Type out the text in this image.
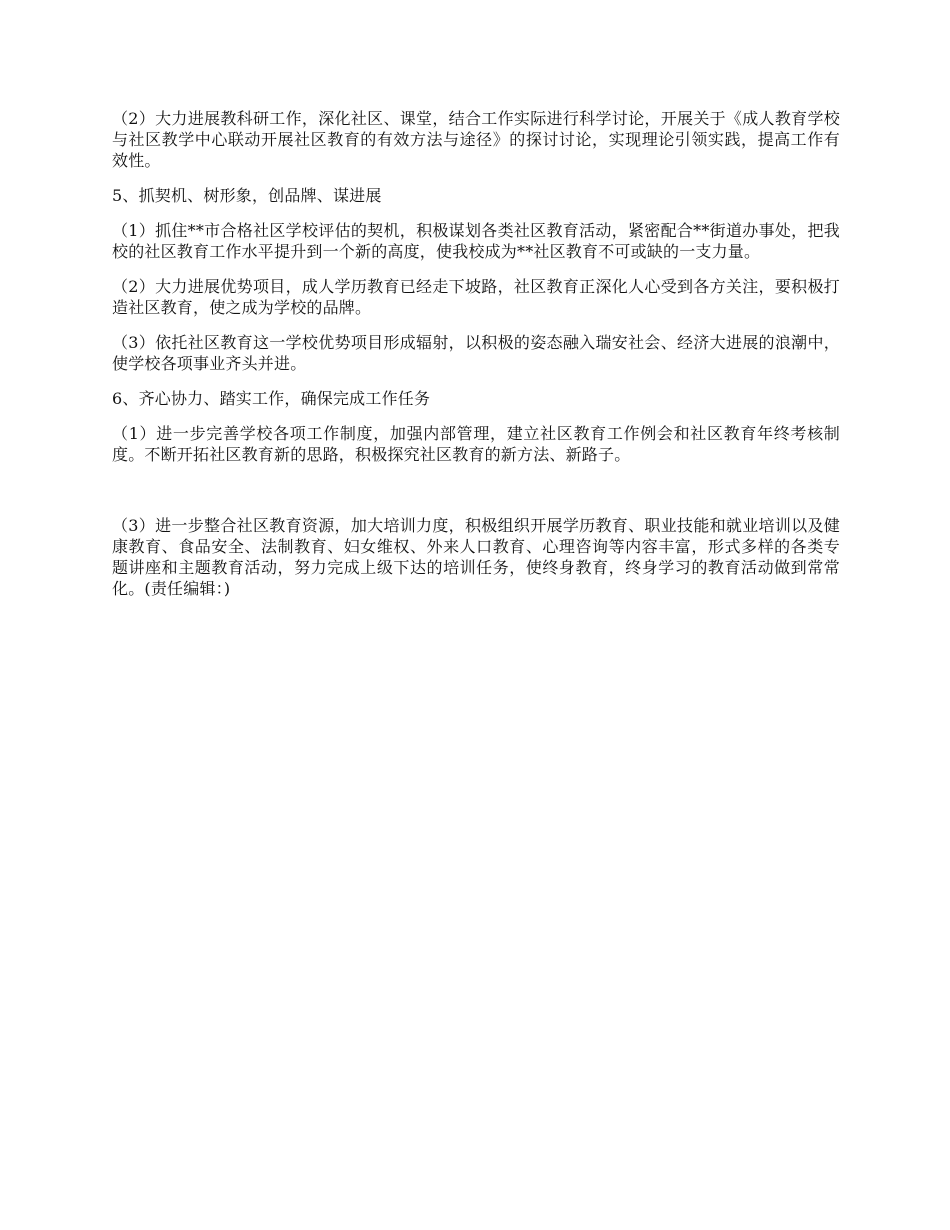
（2）大力进展教科研工作，深化社区、课堂，结合工作实际进行科学讨论，开展关于《成人教育学校与社区教学中心联动开展社区教育的有效方法与途径》的探讨讨论，实现理论引领实践，提高工作有效性。

5、抓契机、树形象，创品牌、谋进展

（1）抓住**市合格社区学校评估的契机，积极谋划各类社区教育活动，紧密配合**街道办事处，把我校的社区教育工作水平提升到一个新的高度，使我校成为**社区教育不可或缺的一支力量。

（2）大力进展优势项目，成人学历教育已经走下坡路，社区教育正深化人心受到各方关注，要积极打造社区教育，使之成为学校的品牌。

（3）依托社区教育这一学校优势项目形成辐射，以积极的姿态融入瑞安社会、经济大进展的浪潮中，使学校各项事业齐头并进。

6、齐心协力、踏实工作，确保完成工作任务

（1）进一步完善学校各项工作制度，加强内部管理，建立社区教育工作例会和社区教育年终考核制度。不断开拓社区教育新的思路，积极探究社区教育的新方法、新路子。

（3）进一步整合社区教育资源，加大培训力度，积极组织开展学历教育、职业技能和就业培训以及健康教育、食品安全、法制教育、妇女维权、外来人口教育、心理咨询等内容丰富，形式多样的各类专题讲座和主题教育活动，努力完成上级下达的培训任务，使终身教育，终身学习的教育活动做到常常化。(责任编辑：)
